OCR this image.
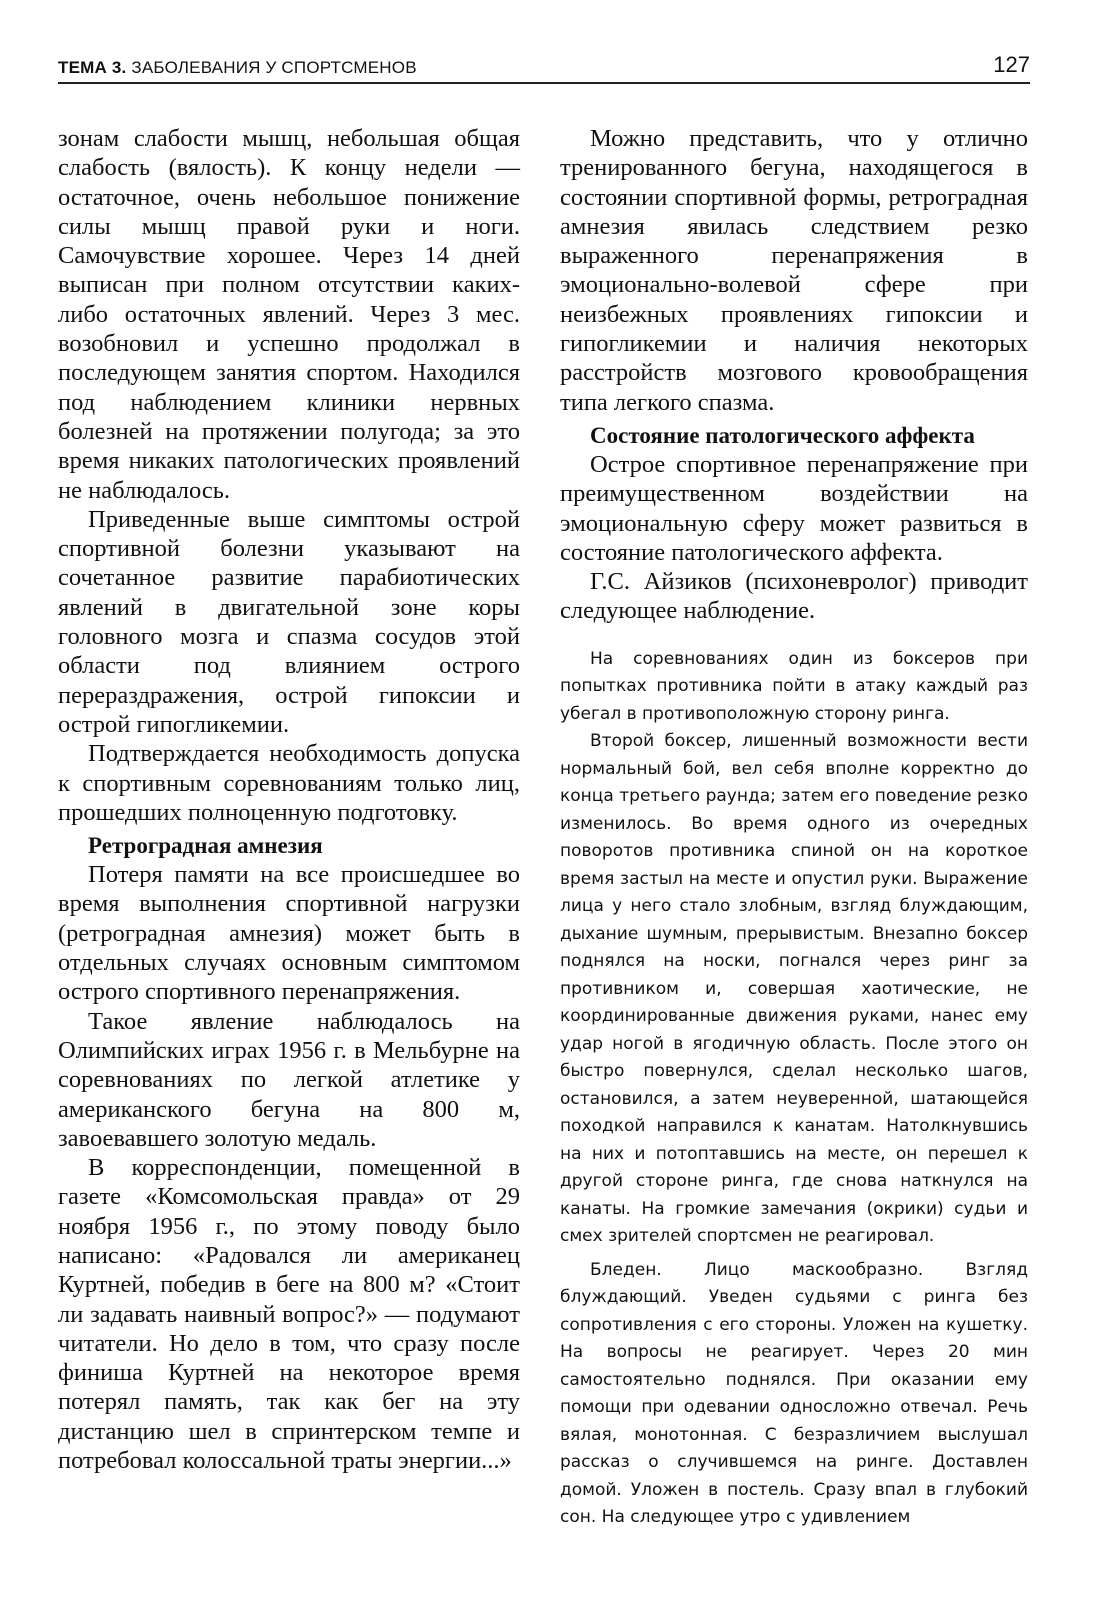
ТЕМА 3. ЗАБОЛЕВАНИЯ У СПОРТСМЕНОВ	127

зонам слабости мышц, небольшая общая слабость (вялость). К концу недели — остаточное, очень небольшое понижение силы мышц правой руки и ноги. Самочувствие хорошее. Через 14 дней выписан при полном отсутствии каких-либо остаточных явлений. Через 3 мес. возобновил и успешно продолжал в последующем занятия спортом. Находился под наблюдением клиники нервных болезней на протяжении полугода; за это время никаких патологических проявлений не наблюдалось.

Приведенные выше симптомы острой спортивной болезни указывают на сочетанное развитие парабиотических явлений в двигательной зоне коры головного мозга и спазма сосудов этой области под влиянием острого перераздражения, острой гипоксии и острой гипогликемии.

Подтверждается необходимость допуска к спортивным соревнованиям только лиц, прошедших полноценную подготовку.

Ретроградная амнезия

Потеря памяти на все происшедшее во время выполнения спортивной нагрузки (ретроградная амнезия) может быть в отдельных случаях основным симптомом острого спортивного перенапряжения.

Такое явление наблюдалось на Олимпийских играх 1956 г. в Мельбурне на соревнованиях по легкой атлетике у американского бегуна на 800 м, завоевавшего золотую медаль.

В корреспонденции, помещенной в газете «Комсомольская правда» от 29 ноября 1956 г., по этому поводу было написано: «Радовался ли американец Куртней, победив в беге на 800 м? «Стоит ли задавать наивный вопрос?» — подумают читатели. Но дело в том, что сразу после финиша Куртней на некоторое время потерял память, так как бег на эту дистанцию шел в спринтерском темпе и потребовал колоссальной траты энергии...»

Можно представить, что у отлично тренированного бегуна, находящегося в состоянии спортивной формы, ретроградная амнезия явилась следствием резко выраженного перенапряжения в эмоционально-волевой сфере при неизбежных проявлениях гипоксии и гипогликемии и наличия некоторых расстройств мозгового кровообращения типа легкого спазма.

Состояние патологического аффекта

Острое спортивное перенапряжение при преимущественном воздействии на эмоциональную сферу может развиться в состояние патологического аффекта.

Г.С. Айзиков (психоневролог) приводит следующее наблюдение.

На соревнованиях один из боксеров при попытках противника пойти в атаку каждый раз убегал в противоположную сторону ринга.

Второй боксер, лишенный возможности вести нормальный бой, вел себя вполне корректно до конца третьего раунда; затем его поведение резко изменилось. Во время одного из очередных поворотов противника спиной он на короткое время застыл на месте и опустил руки. Выражение лица у него стало злобным, взгляд блуждающим, дыхание шумным, прерывистым. Внезапно боксер поднялся на носки, погнался через ринг за противником и, совершая хаотические, не координированные движения руками, нанес ему удар ногой в ягодичную область. После этого он быстро повернулся, сделал несколько шагов, остановился, а затем неуверенной, шатающейся походкой направился к канатам. Натолкнувшись на них и потоптавшись на месте, он перешел к другой стороне ринга, где снова наткнулся на канаты. На громкие замечания (окрики) судьи и смех зрителей спортсмен не реагировал.

Бледен. Лицо маскообразно. Взгляд блуждающий. Уведен судьями с ринга без сопротивления с его стороны. Уложен на кушетку. На вопросы не реагирует. Через 20 мин самостоятельно поднялся. При оказании ему помощи при одевании односложно отвечал. Речь вялая, монотонная. С безразличием выслушал рассказ о случившемся на ринге. Доставлен домой. Уложен в постель. Сразу впал в глубокий сон. На следующее утро с удивлением
